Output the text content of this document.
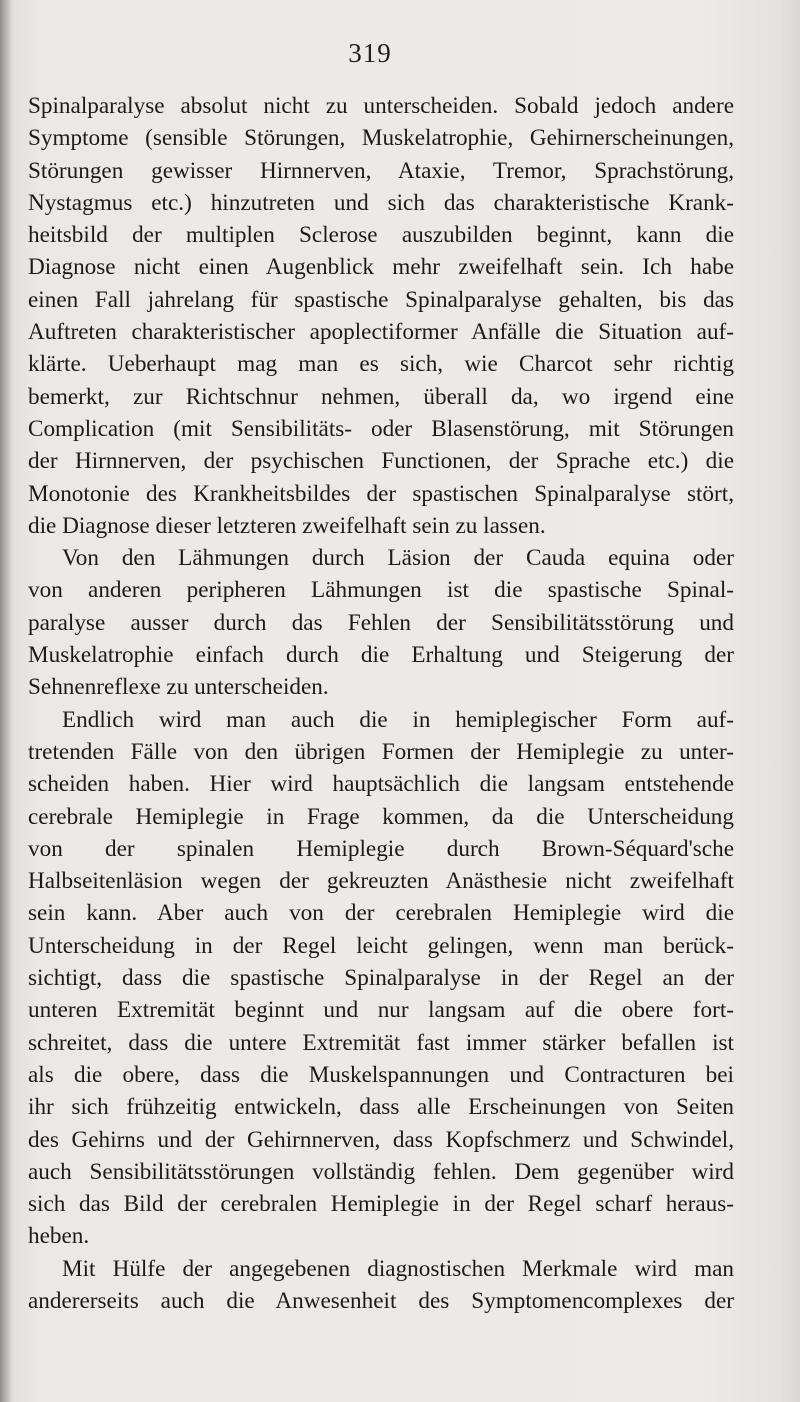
319
Spinalparalyse absolut nicht zu unterscheiden. Sobald jedoch andere
Symptome (sensible Störungen, Muskelatrophie, Gehirnerscheinungen,
Störungen gewisser Hirnnerven, Ataxie, Tremor, Sprachstörung,
Nystagmus etc.) hinzutreten und sich das charakteristische Krank-
heitsbild der multiplen Sclerose auszubilden beginnt, kann die
Diagnose nicht einen Augenblick mehr zweifelhaft sein. Ich habe
einen Fall jahrelang für spastische Spinalparalyse gehalten, bis das
Auftreten charakteristischer apoplectiformer Anfälle die Situation auf-
klärte. Ueberhaupt mag man es sich, wie Charcot sehr richtig
bemerkt, zur Richtschnur nehmen, überall da, wo irgend eine
Complication (mit Sensibilitäts- oder Blasenstörung, mit Störungen
der Hirnnerven, der psychischen Functionen, der Sprache etc.) die
Monotonie des Krankheitsbildes der spastischen Spinalparalyse stört,
die Diagnose dieser letzteren zweifelhaft sein zu lassen.
Von den Lähmungen durch Läsion der Cauda equina oder
von anderen peripheren Lähmungen ist die spastische Spinal-
paralyse ausser durch das Fehlen der Sensibilitätsstörung und
Muskelatrophie einfach durch die Erhaltung und Steigerung der
Sehnenreflexe zu unterscheiden.
Endlich wird man auch die in hemiplegischer Form auf-
tretenden Fälle von den übrigen Formen der Hemiplegie zu unter-
scheiden haben. Hier wird hauptsächlich die langsam entstehende
cerebrale Hemiplegie in Frage kommen, da die Unterscheidung
von der spinalen Hemiplegie durch Brown-Séquard'sche
Halbseitenläsion wegen der gekreuzten Anästhesie nicht zweifelhaft
sein kann. Aber auch von der cerebralen Hemiplegie wird die
Unterscheidung in der Regel leicht gelingen, wenn man berück-
sichtigt, dass die spastische Spinalparalyse in der Regel an der
unteren Extremität beginnt und nur langsam auf die obere fort-
schreitet, dass die untere Extremität fast immer stärker befallen ist
als die obere, dass die Muskelspannungen und Contracturen bei
ihr sich frühzeitig entwickeln, dass alle Erscheinungen von Seiten
des Gehirns und der Gehirnnerven, dass Kopfschmerz und Schwindel,
auch Sensibilitätsstörungen vollständig fehlen. Dem gegenüber wird
sich das Bild der cerebralen Hemiplegie in der Regel scharf heraus-
heben.
Mit Hülfe der angegebenen diagnostischen Merkmale wird man
andererseits auch die Anwesenheit des Symptomencomplexes der
